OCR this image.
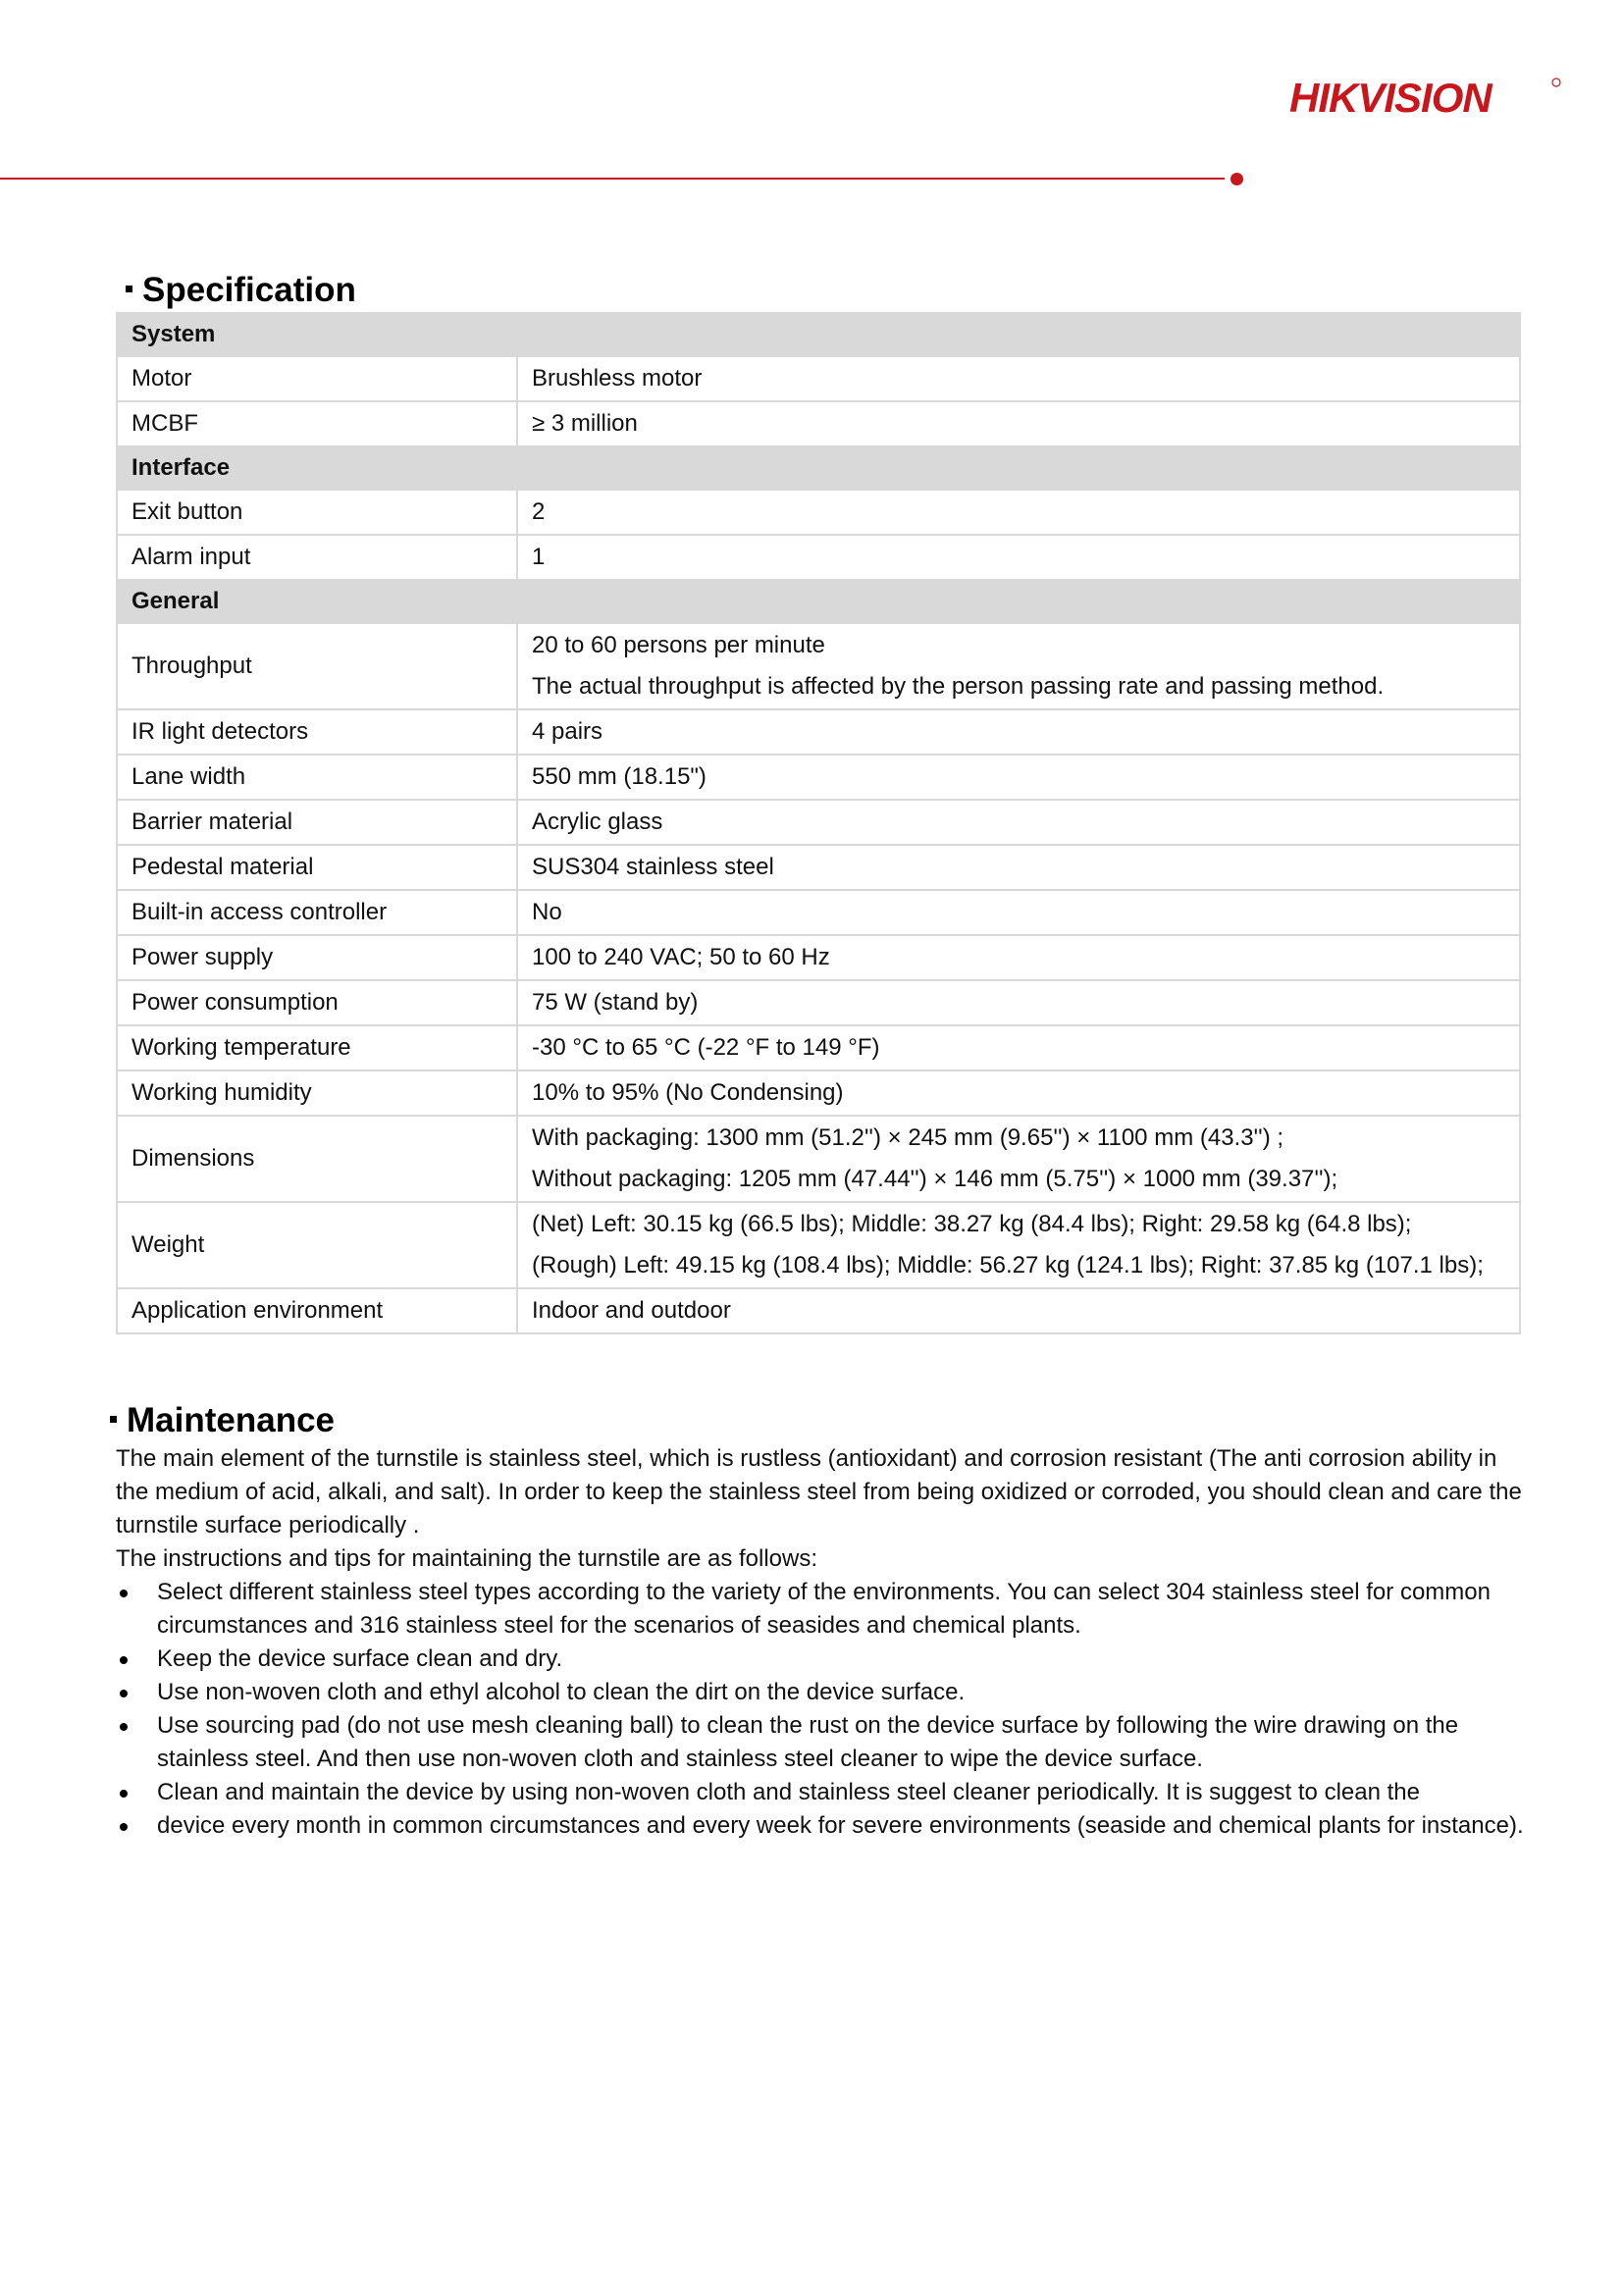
HIKVISION
Specification
System	
Motor	Brushless motor

MCBF	≥ 3 million

Interface	
Exit button	2

Alarm input	1

General	
Throughput	20 to 60 persons per minute
The actual throughput is affected by the person passing rate and passing method.

IR light detectors	4 pairs

Lane width	550 mm (18.15")

Barrier material	Acrylic glass

Pedestal material	SUS304 stainless steel

Built-in access controller	No

Power supply	100 to 240 VAC; 50 to 60 Hz

Power consumption	75 W (stand by)

Working temperature	-30 °C to 65 °C (-22 °F to 149 °F)

Working humidity	10% to 95% (No Condensing)

Dimensions	With packaging: 1300 mm (51.2'') × 245 mm (9.65'') × 1100 mm (43.3'') ;
Without packaging: 1205 mm (47.44'') × 146 mm (5.75'') × 1000 mm (39.37'');

Weight	(Net) Left: 30.15 kg (66.5 lbs); Middle: 38.27 kg (84.4 lbs); Right: 29.58 kg (64.8 lbs);
(Rough) Left: 49.15 kg (108.4 lbs); Middle: 56.27 kg (124.1 lbs); Right: 37.85 kg (107.1 lbs);

Application environment	Indoor and outdoor
Maintenance

The main element of the turnstile is stainless steel, which is rustless (antioxidant) and corrosion resistant (The anti corrosion ability in the medium of acid, alkali, and salt). In order to keep the stainless steel from being oxidized or corroded, you should clean and care the turnstile surface periodically .

The instructions and tips for maintaining the turnstile are as follows:

Select different stainless steel types according to the variety of the environments. You can select 304 stainless steel for common circumstances and 316 stainless steel for the scenarios of seasides and chemical plants.
Keep the device surface clean and dry.
Use non-woven cloth and ethyl alcohol to clean the dirt on the device surface.
Use sourcing pad (do not use mesh cleaning ball) to clean the rust on the device surface by following the wire drawing on the stainless steel. And then use non-woven cloth and stainless steel cleaner to wipe the device surface.
Clean and maintain the device by using non-woven cloth and stainless steel cleaner periodically. It is suggest to clean the
device every month in common circumstances and every week for severe environments (seaside and chemical plants for instance).
